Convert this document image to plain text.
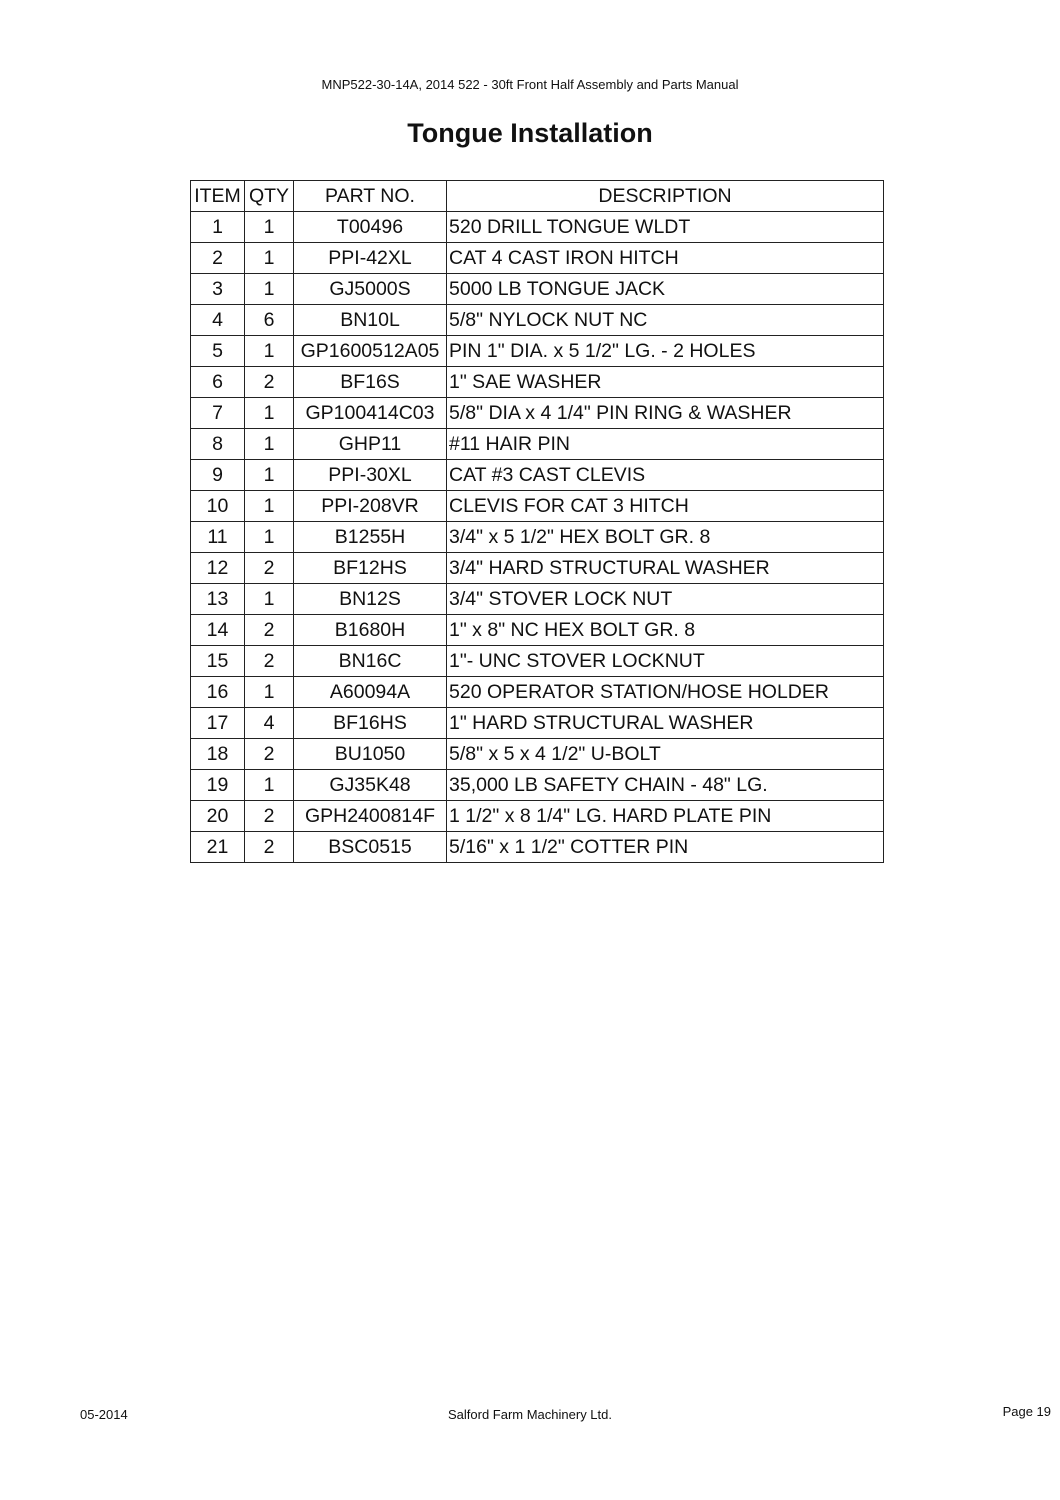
MNP522-30-14A, 2014 522 - 30ft Front Half Assembly and Parts Manual
Tongue Installation
ITEM	QTY	PART NO.	DESCRIPTION
1	1	T00496	520 DRILL TONGUE WLDT
2	1	PPI-42XL	CAT 4 CAST IRON HITCH
3	1	GJ5000S	5000 LB TONGUE JACK
4	6	BN10L	5/8" NYLOCK NUT NC
5	1	GP1600512A05	PIN 1" DIA. x 5 1/2" LG. - 2 HOLES
6	2	BF16S	1" SAE WASHER
7	1	GP100414C03	5/8" DIA x 4 1/4" PIN RING & WASHER
8	1	GHP11	#11 HAIR PIN
9	1	PPI-30XL	CAT #3 CAST CLEVIS
10	1	PPI-208VR	CLEVIS FOR CAT 3 HITCH
11	1	B1255H	3/4" x 5 1/2" HEX BOLT GR. 8
12	2	BF12HS	3/4" HARD STRUCTURAL WASHER
13	1	BN12S	3/4" STOVER LOCK NUT
14	2	B1680H	1" x 8" NC HEX BOLT GR. 8
15	2	BN16C	1"- UNC STOVER LOCKNUT
16	1	A60094A	520 OPERATOR STATION/HOSE HOLDER
17	4	BF16HS	1" HARD STRUCTURAL WASHER
18	2	BU1050	5/8" x 5 x 4 1/2" U-BOLT
19	1	GJ35K48	35,000 LB SAFETY CHAIN - 48" LG.
20	2	GPH2400814F	1 1/2" x 8 1/4" LG. HARD PLATE PIN
21	2	BSC0515	5/16" x 1 1/2" COTTER PIN
05-2014	Salford Farm Machinery Ltd.	Page 19
